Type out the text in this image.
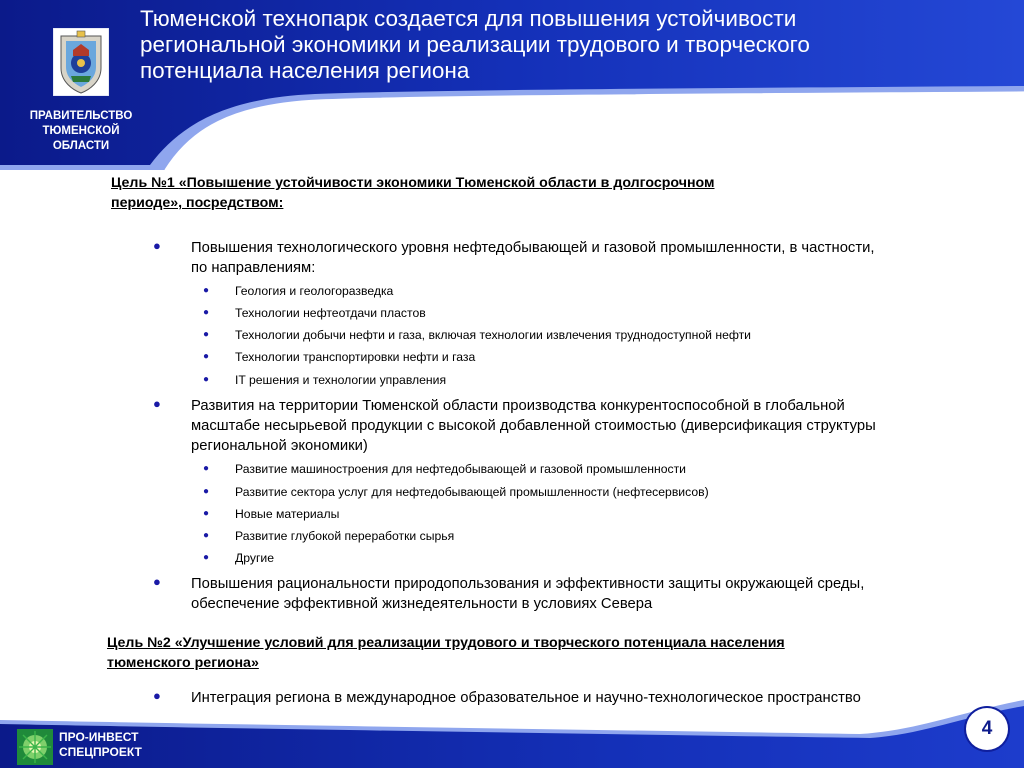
ПРАВИТЕЛЬСТВО
ТЮМЕНСКОЙ
ОБЛАСТИ
Тюменской технопарк создается для повышения устойчивости
региональной экономики и реализации трудового и творческого
потенциала населения региона
Цель №1 «Повышение устойчивости экономики Тюменской области в долгосрочном
периоде», посредством:
● Повышения технологического уровня нефтедобывающей и газовой промышленности, в частности,
по направлениям:
● Геология и геологоразведка
● Технологии нефтеотдачи пластов
● Технологии добычи нефти и газа, включая технологии извлечения труднодоступной нефти
● Технологии транспортировки нефти и газа
● IT решения и технологии управления
● Развития на территории Тюменской области производства конкурентоспособной в глобальной
масштабе несырьевой продукции с высокой добавленной стоимостью (диверсификация структуры
региональной экономики)
● Развитие машиностроения для нефтедобывающей и газовой промышленности
● Развитие сектора услуг для нефтедобывающей промышленности (нефтесервисов)
● Новые материалы
● Развитие глубокой переработки сырья
● Другие
● Повышения рациональности природопользования и эффективности защиты окружающей среды,
обеспечение эффективной жизнедеятельности в условиях Севера
Цель №2 «Улучшение условий для реализации трудового и творческого потенциала населения
тюменского региона»
● Интеграция региона в международное образовательное и научно-технологическое пространство
ПРО-ИНВЕСТ
СПЕЦПРОЕКТ
4
